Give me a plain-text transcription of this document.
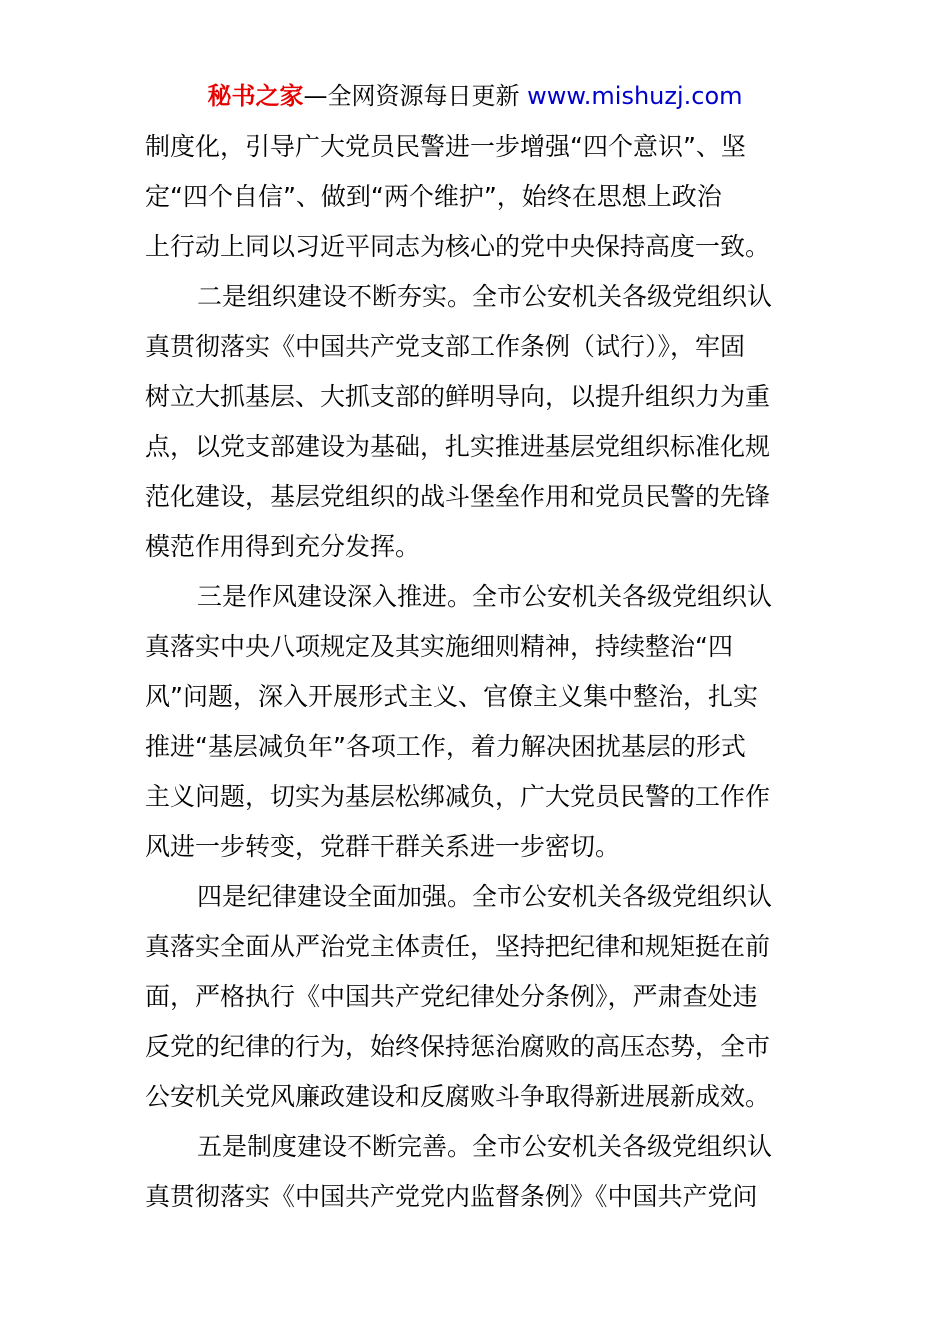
秘书之家—全网资源每日更新 www.mishuzj.com
制度化，引导广大党员民警进一步增强“四个意识”、坚
定“四个自信”、做到“两个维护”，始终在思想上政治
上行动上同以习近平同志为核心的党中央保持高度一致。
二是组织建设不断夯实。全市公安机关各级党组织认
真贯彻落实《中国共产党支部工作条例（试行）》，牢固
树立大抓基层、大抓支部的鲜明导向，以提升组织力为重
点，以党支部建设为基础，扎实推进基层党组织标准化规
范化建设，基层党组织的战斗堡垒作用和党员民警的先锋
模范作用得到充分发挥。
三是作风建设深入推进。全市公安机关各级党组织认
真落实中央八项规定及其实施细则精神，持续整治“四
风”问题，深入开展形式主义、官僚主义集中整治，扎实
推进“基层减负年”各项工作，着力解决困扰基层的形式
主义问题，切实为基层松绑减负，广大党员民警的工作作
风进一步转变，党群干群关系进一步密切。
四是纪律建设全面加强。全市公安机关各级党组织认
真落实全面从严治党主体责任，坚持把纪律和规矩挺在前
面，严格执行《中国共产党纪律处分条例》，严肃查处违
反党的纪律的行为，始终保持惩治腐败的高压态势，全市
公安机关党风廉政建设和反腐败斗争取得新进展新成效。
五是制度建设不断完善。全市公安机关各级党组织认
真贯彻落实《中国共产党党内监督条例》《中国共产党问
